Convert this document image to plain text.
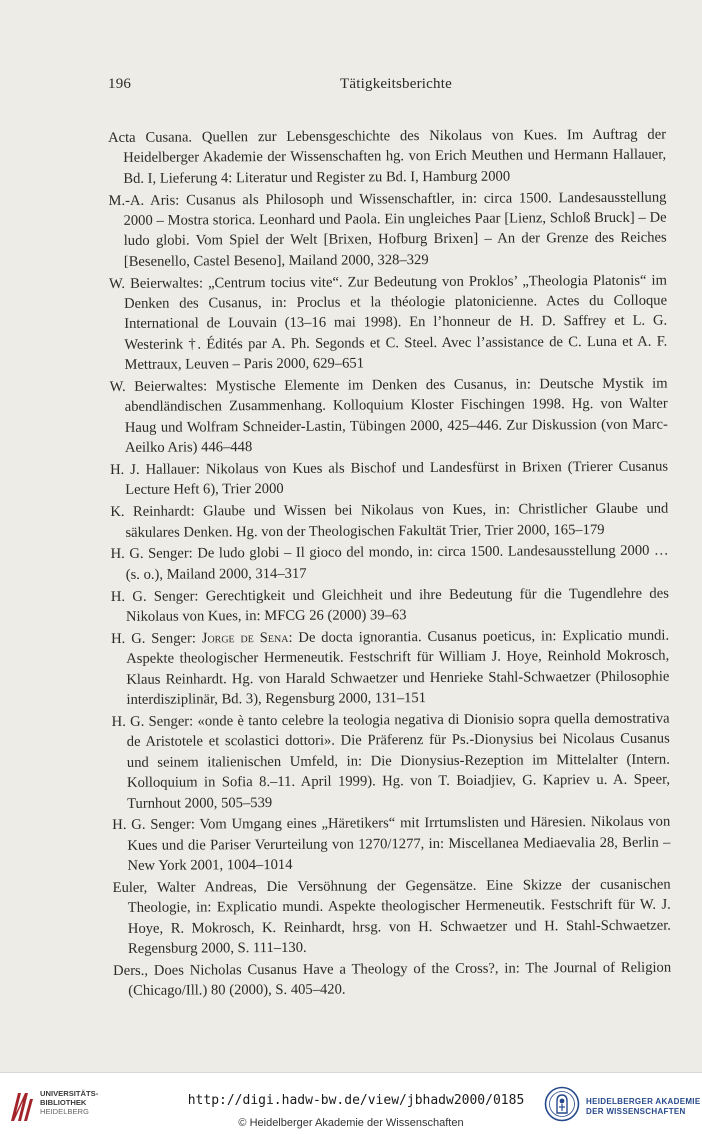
196	Tätigkeitsberichte

Acta Cusana. Quellen zur Lebensgeschichte des Nikolaus von Kues. Im Auftrag der Heidelberger Akademie der Wissenschaften hg. von Erich Meuthen und Hermann Hallauer, Bd. I, Lieferung 4: Literatur und Register zu Bd. I, Hamburg 2000

M.-A. Aris: Cusanus als Philosoph und Wissenschaftler, in: circa 1500. Landesausstellung 2000 – Mostra storica. Leonhard und Paola. Ein ungleiches Paar [Lienz, Schloß Bruck] – De ludo globi. Vom Spiel der Welt [Brixen, Hofburg Brixen] – An der Grenze des Reiches [Besenello, Castel Beseno], Mailand 2000, 328–329

W. Beierwaltes: „Centrum tocius vite“. Zur Bedeutung von Proklos’ „Theologia Platonis“ im Denken des Cusanus, in: Proclus et la théologie platonicienne. Actes du Colloque International de Louvain (13–16 mai 1998). En l’honneur de H. D. Saffrey et L. G. Westerink †. Édités par A. Ph. Segonds et C. Steel. Avec l’assistance de C. Luna et A. F. Mettraux, Leuven – Paris 2000, 629–651

W. Beierwaltes: Mystische Elemente im Denken des Cusanus, in: Deutsche Mystik im abendländischen Zusammenhang. Kolloquium Kloster Fischingen 1998. Hg. von Walter Haug und Wolfram Schneider-Lastin, Tübingen 2000, 425–446. Zur Diskussion (von Marc-Aeilko Aris) 446–448

H. J. Hallauer: Nikolaus von Kues als Bischof und Landesfürst in Brixen (Trierer Cusanus Lecture Heft 6), Trier 2000

K. Reinhardt: Glaube und Wissen bei Nikolaus von Kues, in: Christlicher Glaube und säkulares Denken. Hg. von der Theologischen Fakultät Trier, Trier 2000, 165–179

H. G. Senger: De ludo globi – Il gioco del mondo, in: circa 1500. Landesausstellung 2000 … (s. o.), Mailand 2000, 314–317

H. G. Senger: Gerechtigkeit und Gleichheit und ihre Bedeutung für die Tugendlehre des Nikolaus von Kues, in: MFCG 26 (2000) 39–63

H. G. Senger: Jorge de Sena: De docta ignorantia. Cusanus poeticus, in: Explicatio mundi. Aspekte theologischer Hermeneutik. Festschrift für William J. Hoye, Reinhold Mokrosch, Klaus Reinhardt. Hg. von Harald Schwaetzer und Henrieke Stahl-Schwaetzer (Philosophie interdisziplinär, Bd. 3), Regensburg 2000, 131–151

H. G. Senger: «onde è tanto celebre la teologia negativa di Dionisio sopra quella demostrativa de Aristotele et scolastici dottori». Die Präferenz für Ps.-Dionysius bei Nicolaus Cusanus und seinem italienischen Umfeld, in: Die Dionysius-Rezeption im Mittelalter (Intern. Kolloquium in Sofia 8.–11. April 1999). Hg. von T. Boiadjiev, G. Kapriev u. A. Speer, Turnhout 2000, 505–539

H. G. Senger: Vom Umgang eines „Häretikers“ mit Irrtumslisten und Häresien. Nikolaus von Kues und die Pariser Verurteilung von 1270/1277, in: Miscellanea Mediaevalia 28, Berlin – New York 2001, 1004–1014

Euler, Walter Andreas, Die Versöhnung der Gegensätze. Eine Skizze der cusanischen Theologie, in: Explicatio mundi. Aspekte theologischer Hermeneutik. Festschrift für W. J. Hoye, R. Mokrosch, K. Reinhardt, hrsg. von H. Schwaetzer und H. Stahl-Schwaetzer. Regensburg 2000, S. 111–130.

Ders., Does Nicholas Cusanus Have a Theology of the Cross?, in: The Journal of Religion (Chicago/Ill.) 80 (2000), S. 405–420.

UNIVERSITÄTS-
BIBLIOTHEK
HEIDELBERG
http://digi.hadw-bw.de/view/jbhadw2000/0185
© Heidelberger Akademie der Wissenschaften
HEIDELBERGER AKADEMIE
DER WISSENSCHAFTEN
